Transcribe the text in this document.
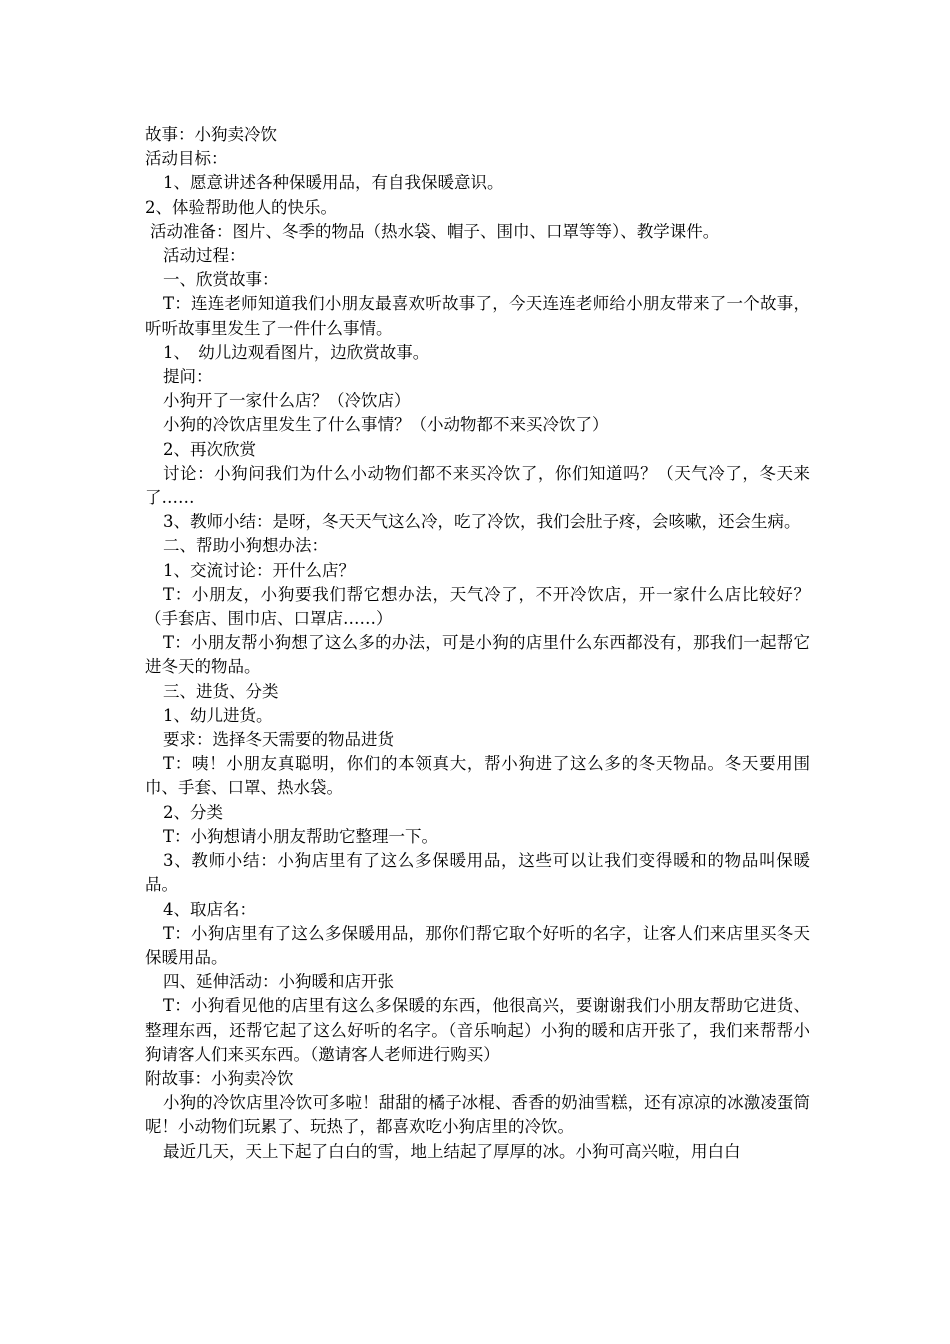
故事：小狗卖冷饮

活动目标：

1、愿意讲述各种保暖用品，有自我保暖意识。

2、体验帮助他人的快乐。

活动准备：图片、冬季的物品（热水袋、帽子、围巾、口罩等等）、教学课件。

活动过程：

一、欣赏故事：

T：连连老师知道我们小朋友最喜欢听故事了，今天连连老师给小朋友带来了一个故事，听听故事里发生了一件什么事情。

1、　幼儿边观看图片，边欣赏故事。

提问：

小狗开了一家什么店？（冷饮店）

小狗的冷饮店里发生了什么事情？（小动物都不来买冷饮了）

2、再次欣赏

讨论：小狗问我们为什么小动物们都不来买冷饮了，你们知道吗？（天气冷了，冬天来了……

3、教师小结：是呀，冬天天气这么冷，吃了冷饮，我们会肚子疼，会咳嗽，还会生病。

二、帮助小狗想办法：

1、交流讨论：开什么店？

T：小朋友，小狗要我们帮它想办法，天气冷了，不开冷饮店，开一家什么店比较好？（手套店、围巾店、口罩店……）

T：小朋友帮小狗想了这么多的办法，可是小狗的店里什么东西都没有，那我们一起帮它进冬天的物品。

三、进货、分类

1、幼儿进货。

要求：选择冬天需要的物品进货

T：咦！小朋友真聪明，你们的本领真大，帮小狗进了这么多的冬天物品。冬天要用围巾、手套、口罩、热水袋。

2、分类

T：小狗想请小朋友帮助它整理一下。

3、教师小结：小狗店里有了这么多保暖用品，这些可以让我们变得暖和的物品叫保暖品。

4、取店名：

T：小狗店里有了这么多保暖用品，那你们帮它取个好听的名字，让客人们来店里买冬天保暖用品。

四、延伸活动：小狗暖和店开张

T：小狗看见他的店里有这么多保暖的东西，他很高兴，要谢谢我们小朋友帮助它进货、整理东西，还帮它起了这么好听的名字。（音乐响起）小狗的暖和店开张了，我们来帮帮小狗请客人们来买东西。（邀请客人老师进行购买）

附故事：小狗卖冷饮

小狗的冷饮店里冷饮可多啦！甜甜的橘子冰棍、香香的奶油雪糕，还有凉凉的冰激凌蛋筒呢！小动物们玩累了、玩热了，都喜欢吃小狗店里的冷饮。

最近几天，天上下起了白白的雪，地上结起了厚厚的冰。小狗可高兴啦，用白白
